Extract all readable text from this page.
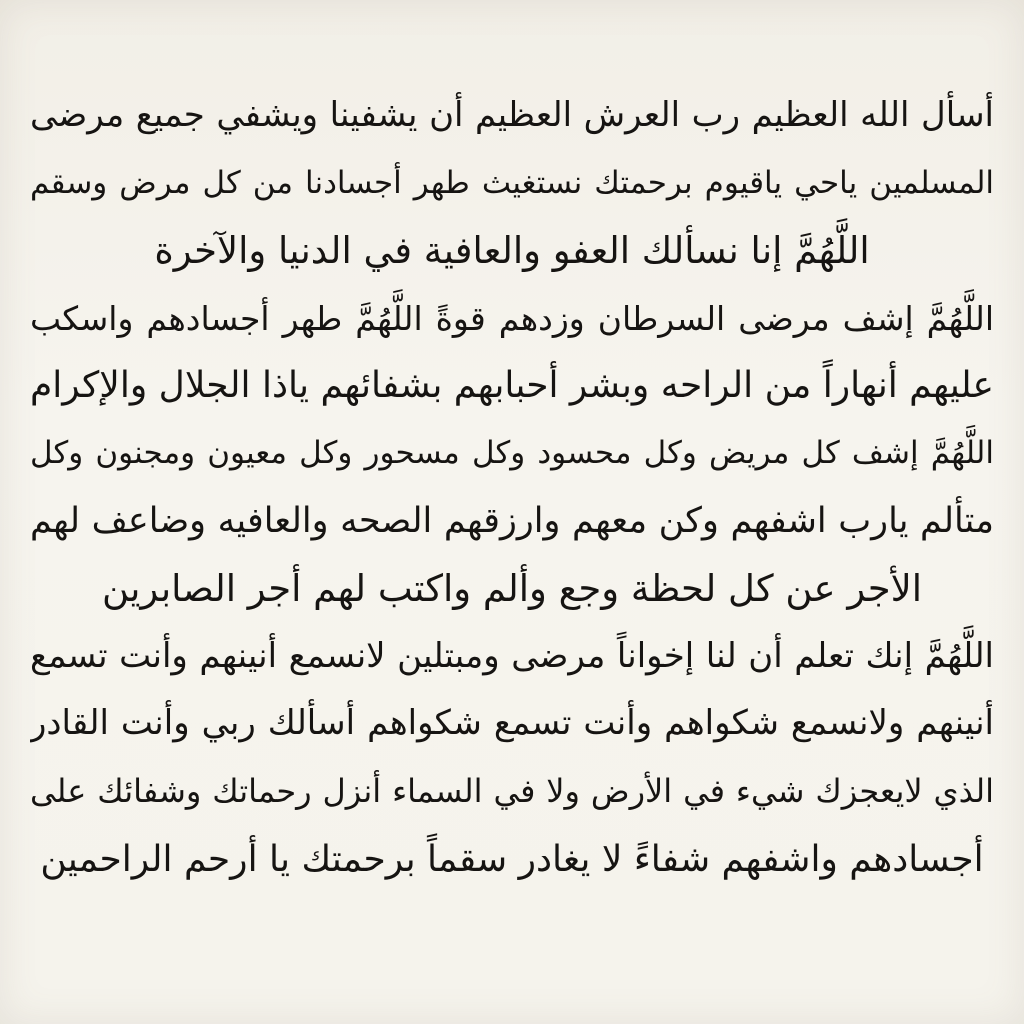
أسأل الله العظيم رب العرش العظيم أن يشفينا ويشفي جميع مرضى
المسلمين ياحي ياقيوم برحمتك نستغيث طهر أجسادنا من كل مرض وسقم
اللَّهُمَّ إنا نسألك العفو والعافية في الدنيا والآخرة
اللَّهُمَّ إشف مرضى السرطان وزدهم قوةً اللَّهُمَّ طهر أجسادهم واسكب
عليهم أنهاراً من الراحه وبشر أحبابهم بشفائهم ياذا الجلال والإكرام
اللَّهُمَّ إشف كل مريض وكل محسود وكل مسحور وكل معيون ومجنون وكل
متألم يارب اشفهم وكن معهم وارزقهم الصحه والعافيه وضاعف لهم
الأجر عن كل لحظة وجع وألم واكتب لهم أجر الصابرين
اللَّهُمَّ إنك تعلم أن لنا إخواناً مرضى ومبتلين لانسمع أنينهم وأنت تسمع
أنينهم ولانسمع شكواهم وأنت تسمع شكواهم أسألك ربي وأنت القادر
الذي لايعجزك شيء في الأرض ولا في السماء أنزل رحماتك وشفائك على
أجسادهم واشفهم شفاءً لا يغادر سقماً برحمتك يا أرحم الراحمين
